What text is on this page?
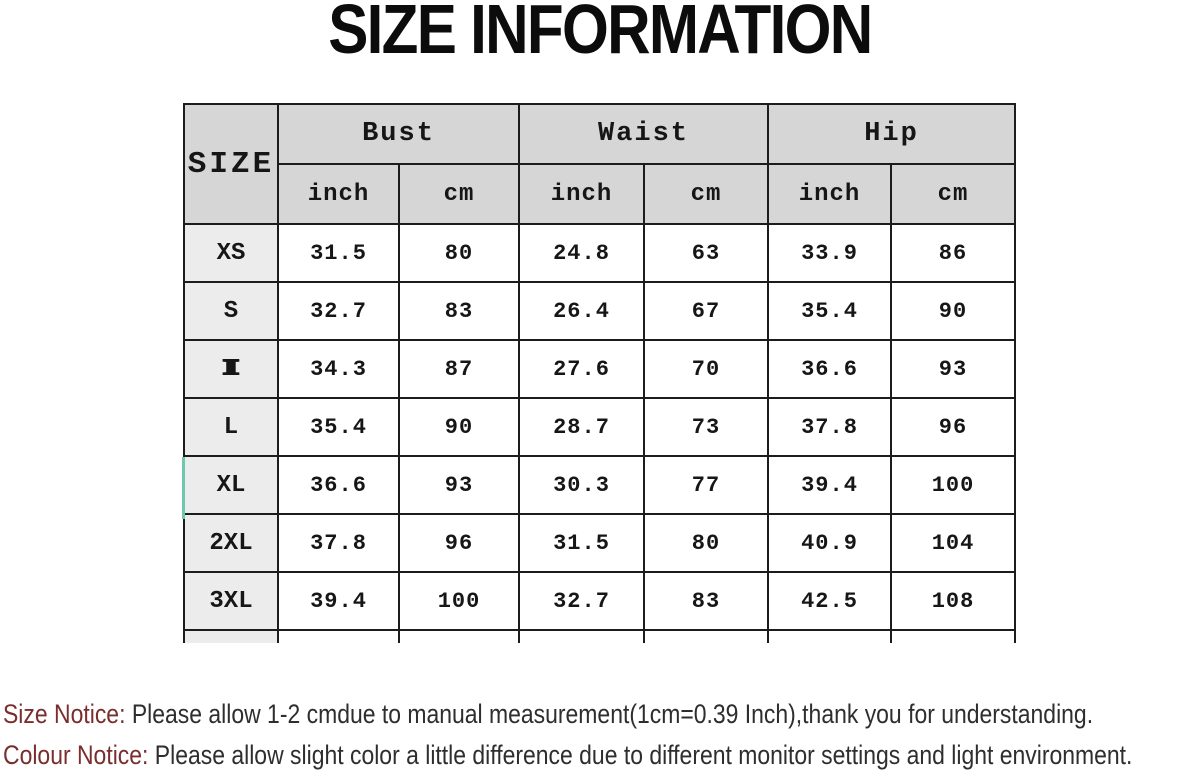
SIZE INFORMATION
SIZE	Bust		Waist		Hip	
	inch	cm	inch	cm	inch	cm
XS	31.5	80	24.8	63	33.9	86
S	32.7	83	26.4	67	35.4	90
I	34.3	87	27.6	70	36.6	93
L	35.4	90	28.7	73	37.8	96
XL	36.6	93	30.3	77	39.4	100
2XL	37.8	96	31.5	80	40.9	104
3XL	39.4	100	32.7	83	42.5	108

Size Notice: Please allow 1-2 cmdue to manual measurement(1cm=0.39 Inch),thank you for understanding.

Colour Notice: Please allow slight color a little difference due to different monitor settings and light environment.
